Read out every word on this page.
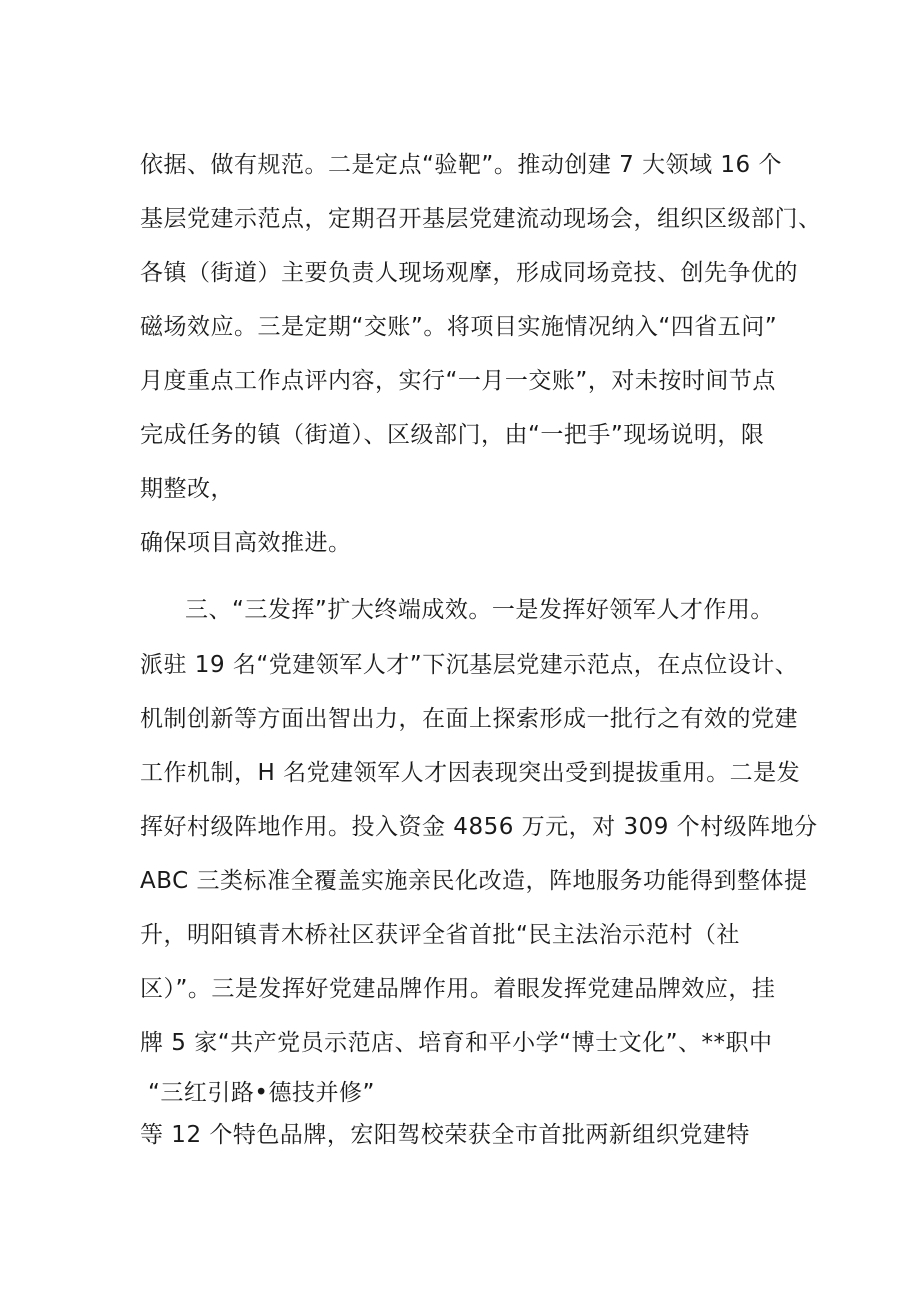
依据、做有规范。二是定点“验靶”。推动创建 7 大领域 16 个
基层党建示范点，定期召开基层党建流动现场会，组织区级部门、
各镇（街道）主要负责人现场观摩，形成同场竞技、创先争优的
磁场效应。三是定期“交账”。将项目实施情况纳入“四省五问”
月度重点工作点评内容，实行“一月一交账”，对未按时间节点
完成任务的镇（街道）、区级部门，由“一把手”现场说明，限
期整改，
确保项目高效推进。
三、“三发挥”扩大终端成效。一是发挥好领军人才作用。
派驻 19 名“党建领军人才”下沉基层党建示范点，在点位设计、
机制创新等方面出智出力，在面上探索形成一批行之有效的党建
工作机制，H 名党建领军人才因表现突出受到提拔重用。二是发
挥好村级阵地作用。投入资金 4856 万元，对 309 个村级阵地分
ABC 三类标准全覆盖实施亲民化改造，阵地服务功能得到整体提
升，明阳镇青木桥社区获评全省首批“民主法治示范村（社
区）”。三是发挥好党建品牌作用。着眼发挥党建品牌效应，挂
牌 5 家“共产党员示范店、培育和平小学“博士文化”、**职中
“三红引路•德技并修”
等 12 个特色品牌，宏阳驾校荣获全市首批两新组织党建特
